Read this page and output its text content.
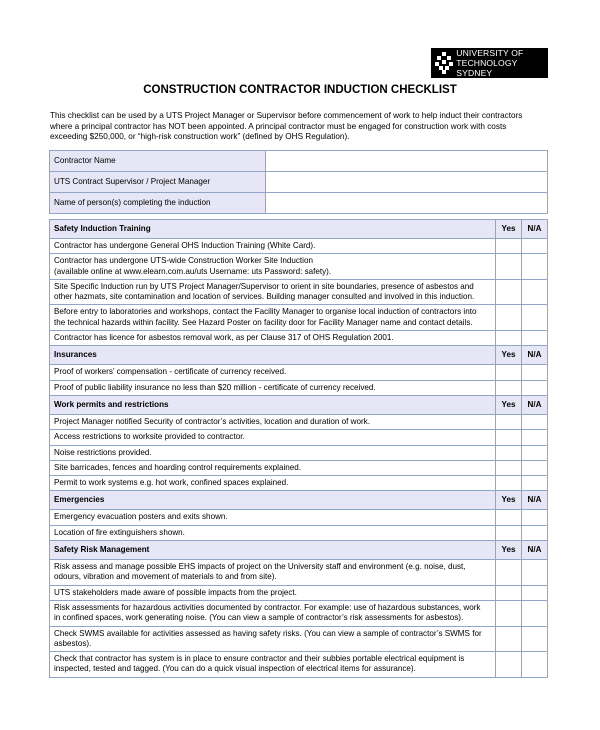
UNIVERSITY OF
TECHNOLOGY SYDNEY
CONSTRUCTION CONTRACTOR INDUCTION CHECKLIST
This checklist can be used by a UTS Project Manager or Supervisor before commencement of work to help induct their contractors
where a principal contractor has NOT been appointed. A principal contractor must be engaged for construction work with costs
exceeding $250,000, or “high-risk construction work” (defined by OHS Regulation).
Contractor Name	
UTS Contract Supervisor / Project Manager	
Name of person(s) completing the induction	
Safety Induction Training	Yes	N/A

Contractor has undergone General OHS Induction Training (White Card).		

Contractor has undergone UTS-wide Construction Worker Site Induction
(available online at www.elearn.com.au/uts Username: uts Password: safety).		

Site Specific Induction run by UTS Project Manager/Supervisor to orient in site boundaries, presence of asbestos and
other hazmats, site contamination and location of services. Building manager consulted and involved in this induction.		

Before entry to laboratories and workshops, contact the Facility Manager to organise local induction of contractors into
the technical hazards within facility. See Hazard Poster on facility door for Facility Manager name and contact details.		

Contractor has licence for asbestos removal work, as per Clause 317 of OHS Regulation 2001.		

Insurances	Yes	N/A

Proof of workers’ compensation - certificate of currency received.		

Proof of public liability insurance no less than $20 million - certificate of currency received.		

Work permits and restrictions	Yes	N/A

Project Manager notified Security of contractor’s activities, location and duration of work.		

Access restrictions to worksite provided to contractor.		

Noise restrictions provided.		

Site barricades, fences and hoarding control requirements explained.		

Permit to work systems e.g. hot work, confined spaces explained.		

Emergencies	Yes	N/A

Emergency evacuation posters and exits shown.		

Location of fire extinguishers shown.		

Safety Risk Management	Yes	N/A

Risk assess and manage possible EHS impacts of project on the University staff and environment (e.g. noise, dust,
odours, vibration and movement of materials to and from site).		

UTS stakeholders made aware of possible impacts from the project.		

Risk assessments for hazardous activities documented by contractor. For example: use of hazardous substances, work
in confined spaces, work generating noise. (You can view a sample of contractor’s risk assessments for asbestos).		

Check SWMS available for activities assessed as having safety risks. (You can view a sample of contractor’s SWMS for
asbestos).		

Check that contractor has system is in place to ensure contractor and their subbies portable electrical equipment is
inspected, tested and tagged. (You can do a quick visual inspection of electrical items for assurance).		
